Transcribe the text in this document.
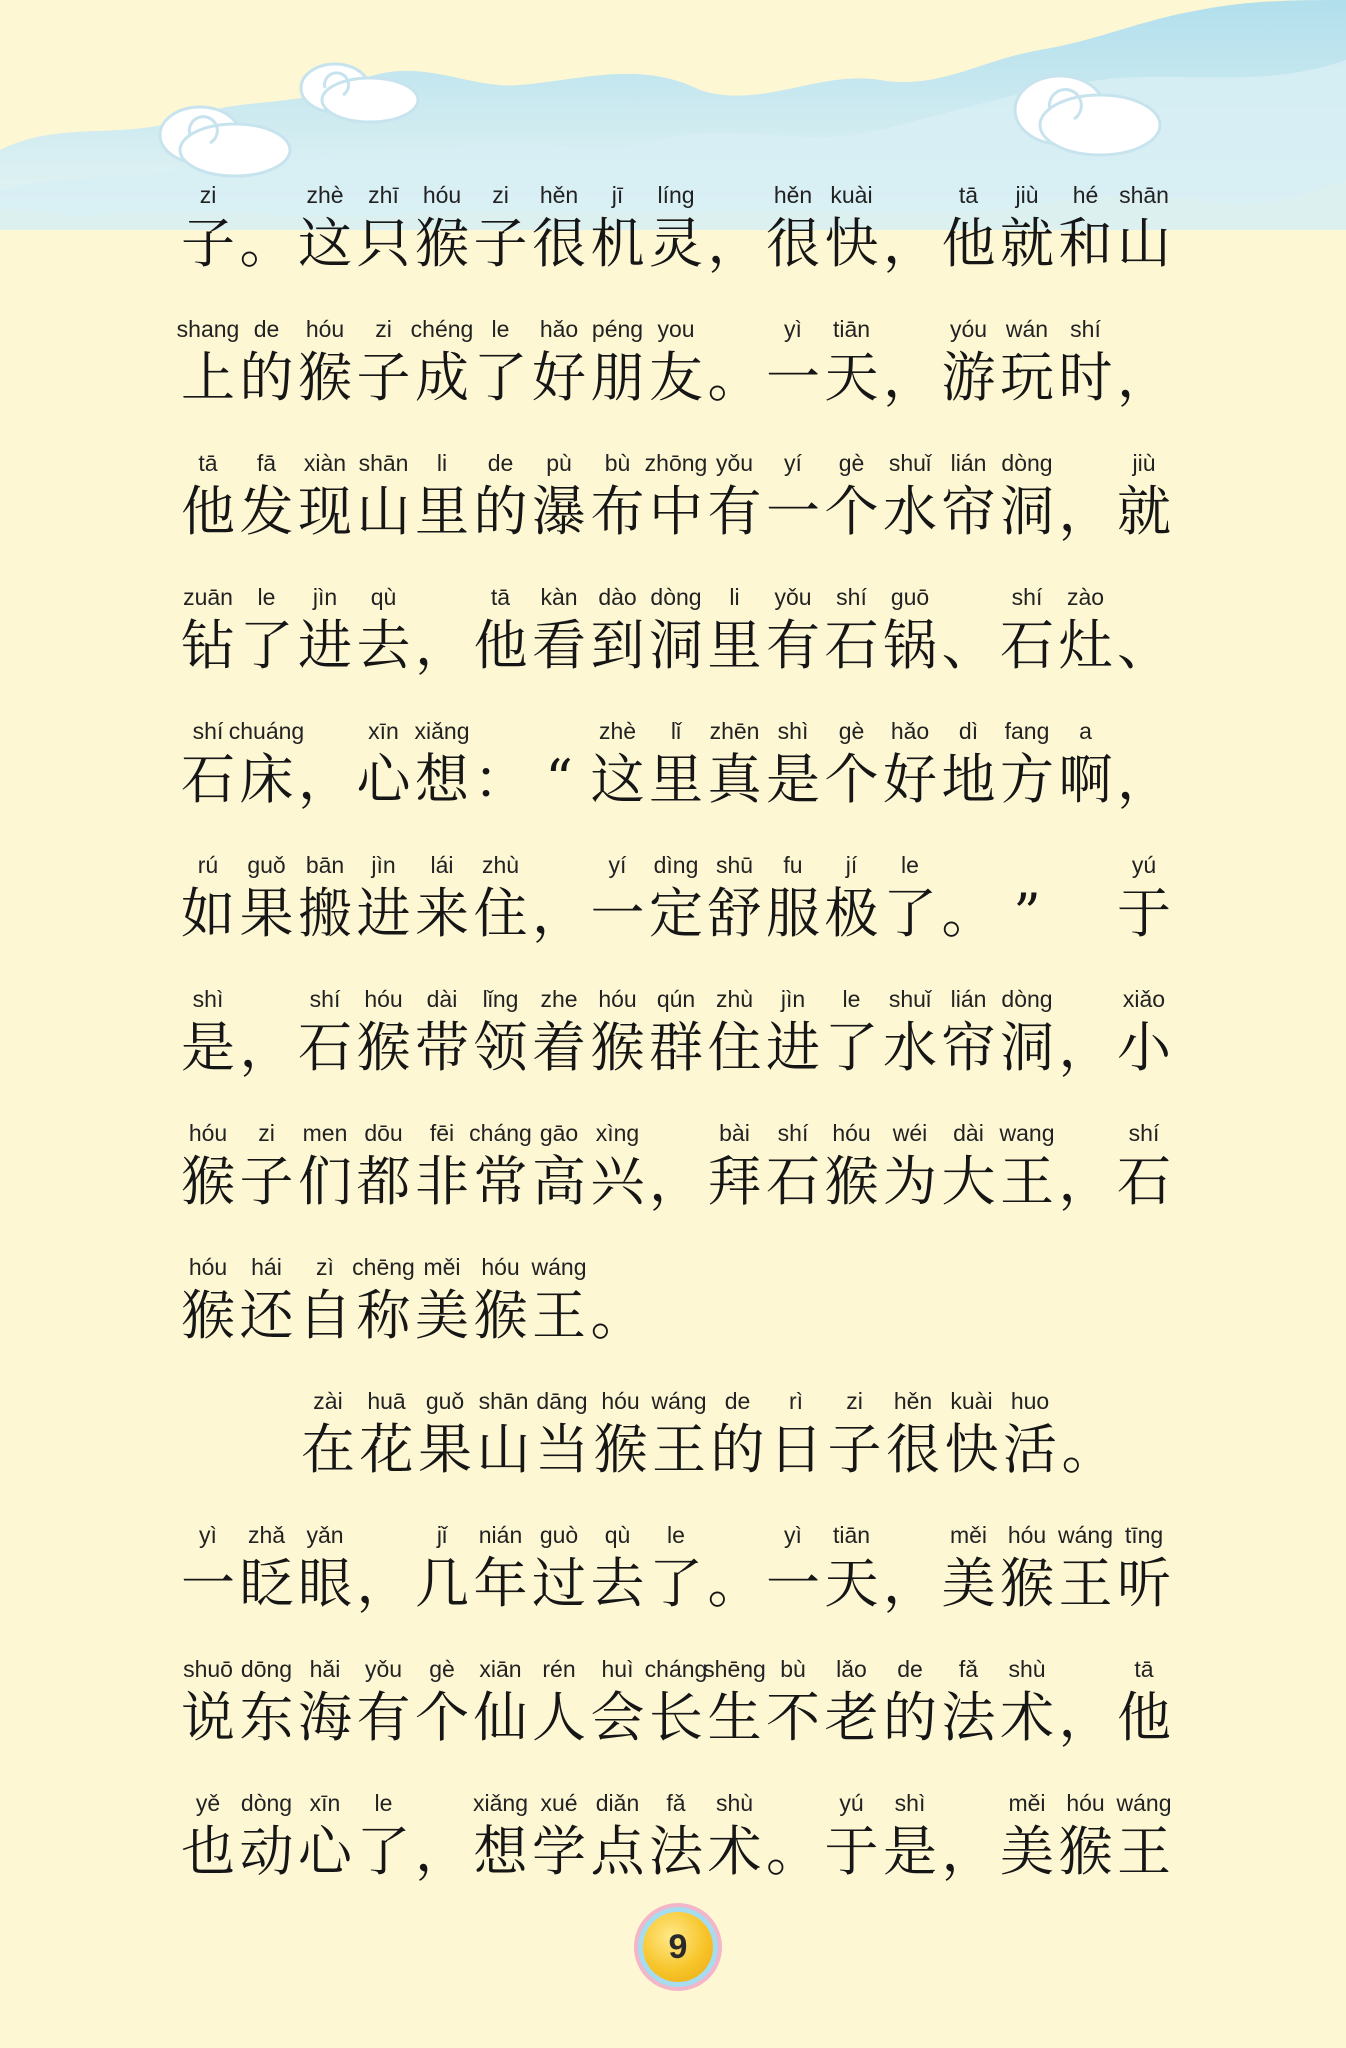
zi
子 。
zhè
这
zhī
只
hóu
猴
zi
子
hěn
很
jī
机
líng
灵 ，
hěn
很
kuài
快 ，
tā
他
jiù
就
hé
和
shān
山
shang
上
de
的
hóu
猴
zi
子
chéng
成
le
了
hǎo
好
péng
朋
you
友 。
yì
一
tiān
天 ，
yóu
游
wán
玩
shí
时 ，
tā
他
fā
发
xiàn
现
shān
山
li
里
de
的
pù
瀑
bù
布
zhōng
中
yǒu
有
yí
一
gè
个
shuǐ
水
lián
帘
dòng
洞 ，
jiù
就
zuān
钻
le
了
jìn
进
qù
去 ，
tā
他
kàn
看
dào
到
dòng
洞
li
里
yǒu
有
shí
石
guō
锅 、
shí
石
zào
灶 、
shí
石
chuáng
床 ，
xīn
心
xiǎng
想 ： “
zhè
这
lǐ
里
zhēn
真
shì
是
gè
个
hǎo
好
dì
地
fang
方
a
啊 ，
rú
如
guǒ
果
bān
搬
jìn
进
lái
来
zhù
住 ，
yí
一
dìng
定
shū
舒
fu
服
jí
极
le
了 。 ”
yú
于
shì
是 ，
shí
石
hóu
猴
dài
带
lǐng
领
zhe
着
hóu
猴
qún
群
zhù
住
jìn
进
le
了
shuǐ
水
lián
帘
dòng
洞 ，
xiǎo
小
hóu
猴
zi
子
men
们
dōu
都
fēi
非
cháng
常
gāo
高
xìng
兴 ，
bài
拜
shí
石
hóu
猴
wéi
为
dài
大
wang
王 ，
shí
石
hóu
猴
hái
还
zì
自
chēng
称
měi
美
hóu
猴
wáng
王 。
zài
在
huā
花
guǒ
果
shān
山
dāng
当
hóu
猴
wáng
王
de
的
rì
日
zi
子
hěn
很
kuài
快
huo
活 。
yì
一
zhǎ
眨
yǎn
眼 ，
jǐ
几
nián
年
guò
过
qù
去
le
了 。
yì
一
tiān
天 ，
měi
美
hóu
猴
wáng
王
tīng
听
shuō
说
dōng
东
hǎi
海
yǒu
有
gè
个
xiān
仙
rén
人
huì
会
cháng
长
shēng
生
bù
不
lǎo
老
de
的
fǎ
法
shù
术 ，
tā
他
yě
也
dòng
动
xīn
心
le
了 ，
xiǎng
想
xué
学
diǎn
点
fǎ
法
shù
术 。
yú
于
shì
是 ，
měi
美
hóu
猴
wáng
王
9
